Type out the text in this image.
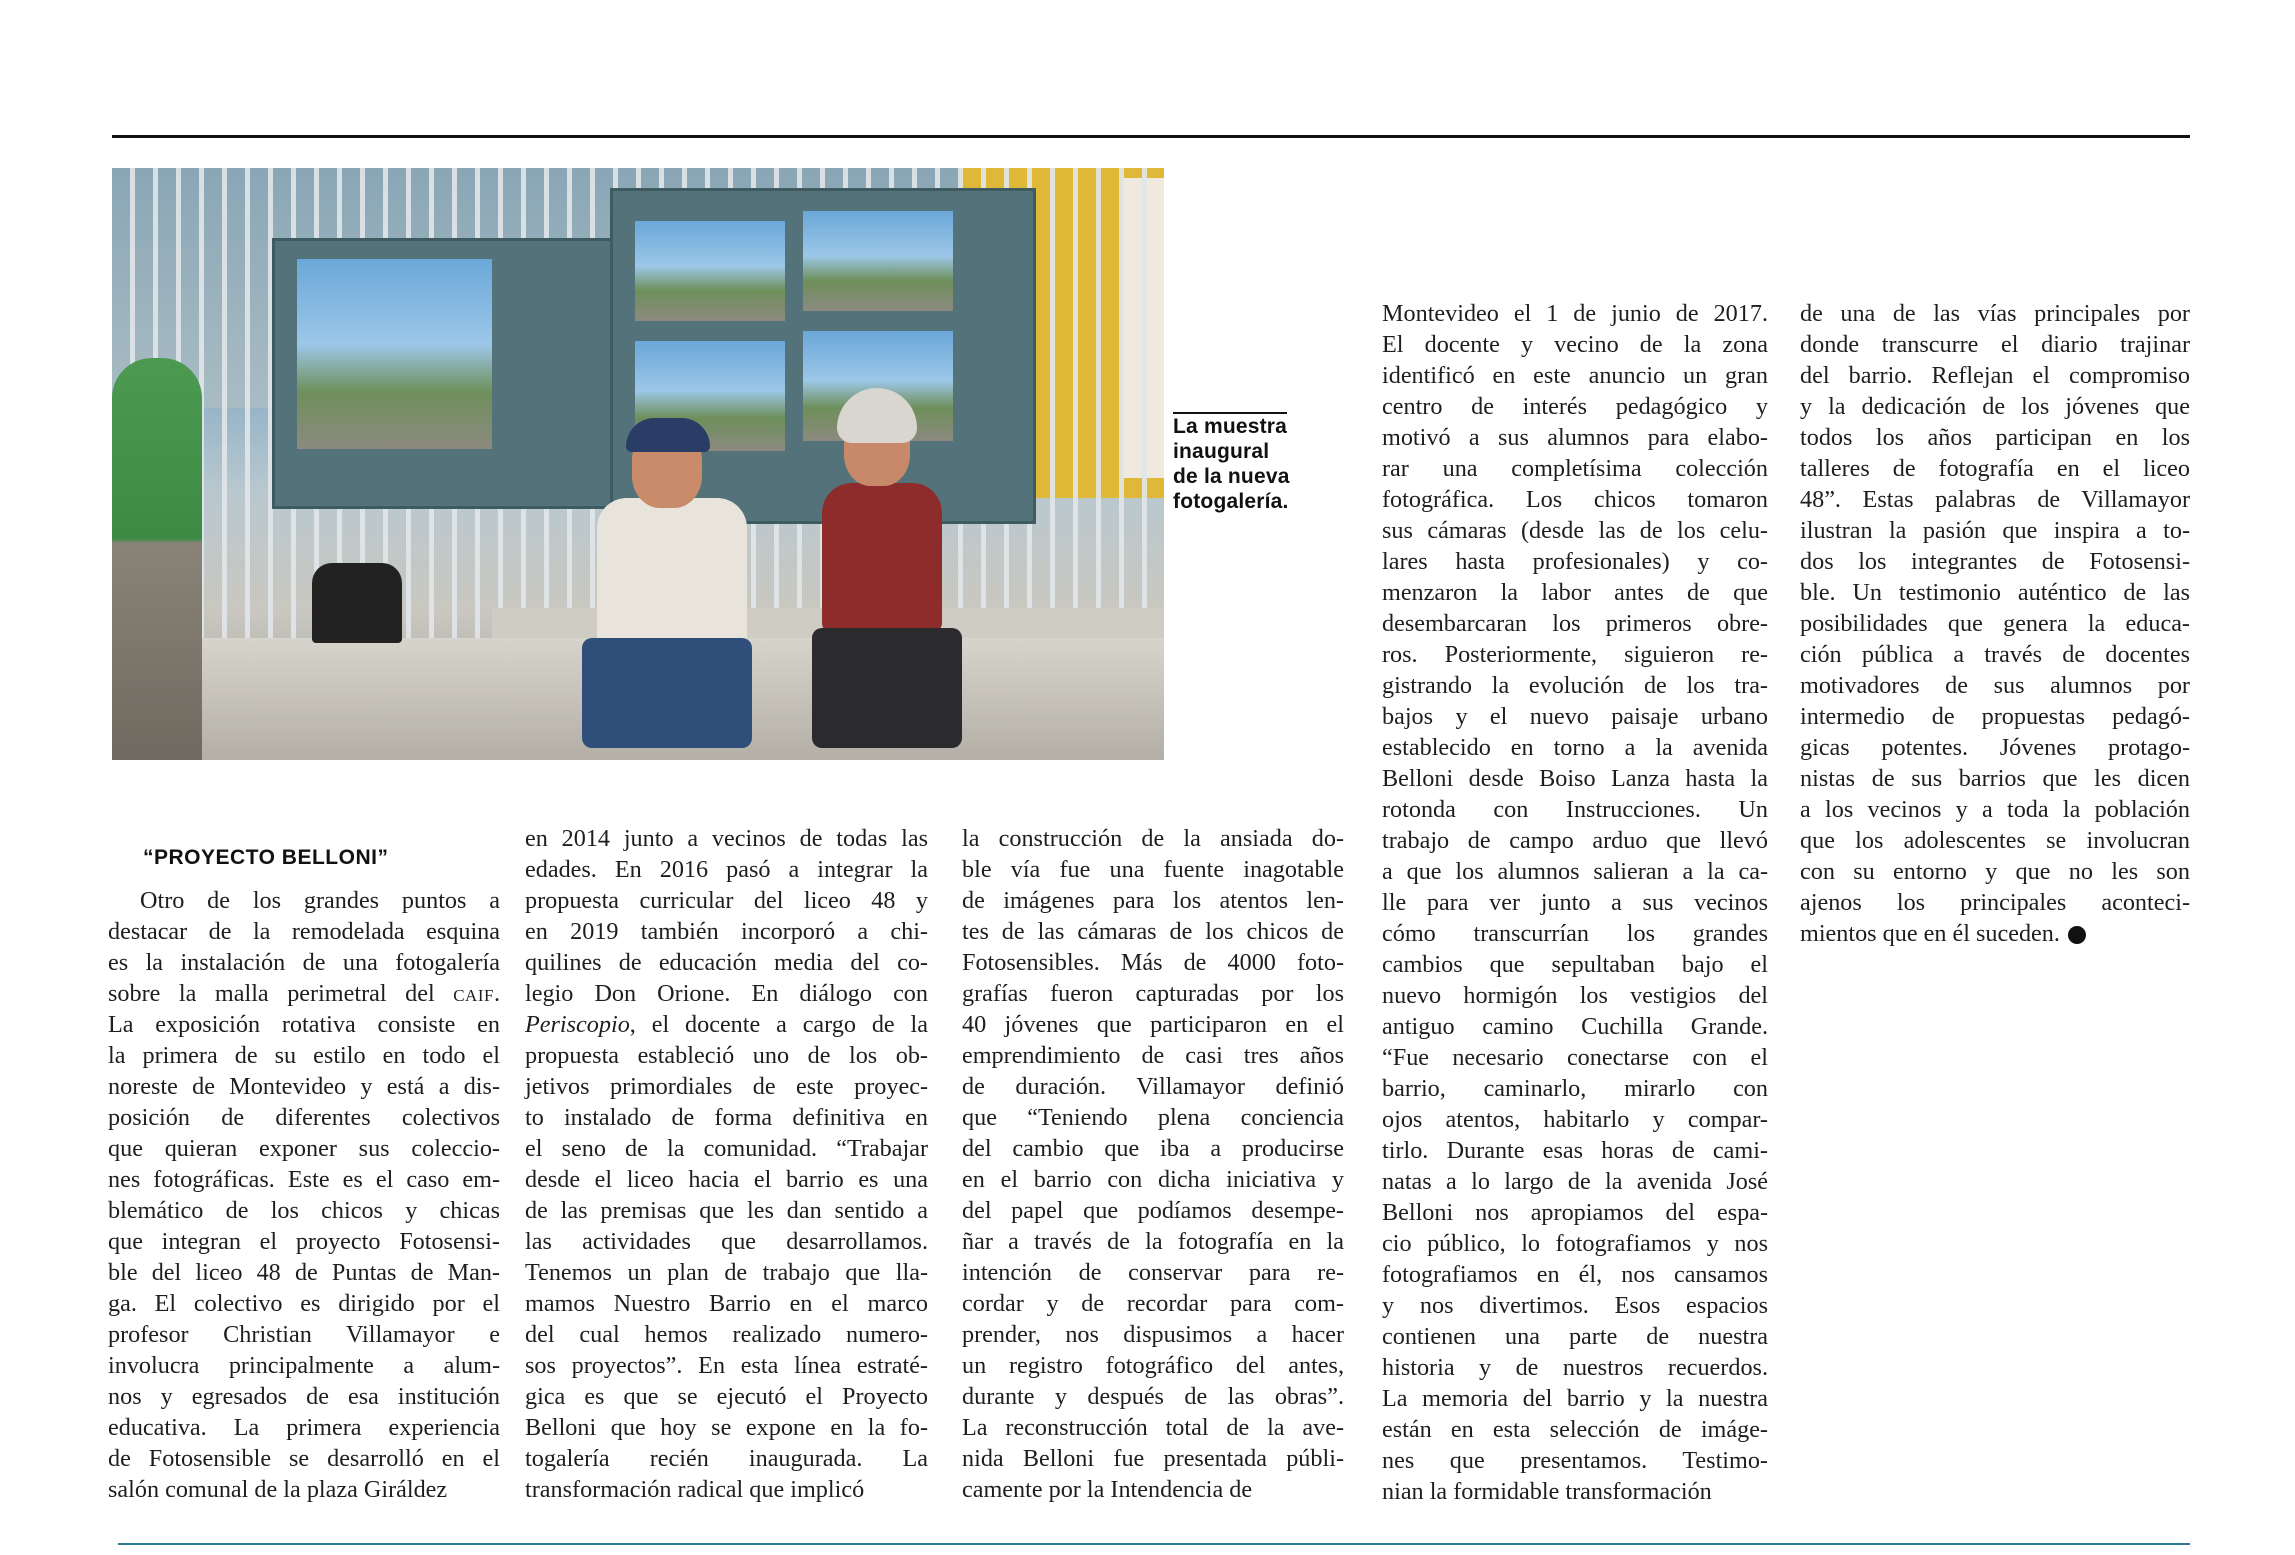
La muestra
inaugural
de la nueva
fotogalería.
“PROYECTO BELLONI”
Otro de los grandes puntos a
destacar de la remodelada esquina
es la instalación de una fotogalería
sobre la malla perimetral del caif.
La exposición rotativa consiste en
la primera de su estilo en todo el
noreste de Montevideo y está a dis-
posición de diferentes colectivos
que quieran exponer sus coleccio-
nes fotográficas. Este es el caso em-
blemático de los chicos y chicas
que integran el proyecto Fotosensi-
ble del liceo 48 de Puntas de Man-
ga. El colectivo es dirigido por el
profesor Christian Villamayor e
involucra principalmente a alum-
nos y egresados de esa institución
educativa. La primera experiencia
de Fotosensible se desarrolló en el
salón comunal de la plaza Giráldez
en 2014 junto a vecinos de todas las
edades. En 2016 pasó a integrar la
propuesta curricular del liceo 48 y
en 2019 también incorporó a chi-
quilines de educación media del co-
legio Don Orione. En diálogo con
Periscopio, el docente a cargo de la
propuesta estableció uno de los ob-
jetivos primordiales de este proyec-
to instalado de forma definitiva en
el seno de la comunidad. “Trabajar
desde el liceo hacia el barrio es una
de las premisas que les dan sentido a
las actividades que desarrollamos.
Tenemos un plan de trabajo que lla-
mamos Nuestro Barrio en el marco
del cual hemos realizado numero-
sos proyectos”. En esta línea estraté-
gica es que se ejecutó el Proyecto
Belloni que hoy se expone en la fo-
togalería recién inaugurada. La
transformación radical que implicó
la construcción de la ansiada do-
ble vía fue una fuente inagotable
de imágenes para los atentos len-
tes de las cámaras de los chicos de
Fotosensibles. Más de 4000 foto-
grafías fueron capturadas por los
40 jóvenes que participaron en el
emprendimiento de casi tres años
de duración. Villamayor definió
que “Teniendo plena conciencia
del cambio que iba a producirse
en el barrio con dicha iniciativa y
del papel que podíamos desempe-
ñar a través de la fotografía en la
intención de conservar para re-
cordar y de recordar para com-
prender, nos dispusimos a hacer
un registro fotográfico del antes,
durante y después de las obras”.
La reconstrucción total de la ave-
nida Belloni fue presentada públi-
camente por la Intendencia de
Montevideo el 1 de junio de 2017.
El docente y vecino de la zona
identificó en este anuncio un gran
centro de interés pedagógico y
motivó a sus alumnos para elabo-
rar una completísima colección
fotográfica. Los chicos tomaron
sus cámaras (desde las de los celu-
lares hasta profesionales) y co-
menzaron la labor antes de que
desembarcaran los primeros obre-
ros. Posteriormente, siguieron re-
gistrando la evolución de los tra-
bajos y el nuevo paisaje urbano
establecido en torno a la avenida
Belloni desde Boiso Lanza hasta la
rotonda con Instrucciones. Un
trabajo de campo arduo que llevó
a que los alumnos salieran a la ca-
lle para ver junto a sus vecinos
cómo transcurrían los grandes
cambios que sepultaban bajo el
nuevo hormigón los vestigios del
antiguo camino Cuchilla Grande.
“Fue necesario conectarse con el
barrio, caminarlo, mirarlo con
ojos atentos, habitarlo y compar-
tirlo. Durante esas horas de cami-
natas a lo largo de la avenida José
Belloni nos apropiamos del espa-
cio público, lo fotografiamos y nos
fotografiamos en él, nos cansamos
y nos divertimos. Esos espacios
contienen una parte de nuestra
historia y de nuestros recuerdos.
La memoria del barrio y la nuestra
están en esta selección de imáge-
nes que presentamos. Testimo-
nian la formidable transformación
de una de las vías principales por
donde transcurre el diario trajinar
del barrio. Reflejan el compromiso
y la dedicación de los jóvenes que
todos los años participan en los
talleres de fotografía en el liceo
48”. Estas palabras de Villamayor
ilustran la pasión que inspira a to-
dos los integrantes de Fotosensi-
ble. Un testimonio auténtico de las
posibilidades que genera la educa-
ción pública a través de docentes
motivadores de sus alumnos por
intermedio de propuestas pedagó-
gicas potentes. Jóvenes protago-
nistas de sus barrios que les dicen
a los vecinos y a toda la población
que los adolescentes se involucran
con su entorno y que no les son
ajenos los principales aconteci-
mientos que en él suceden.
